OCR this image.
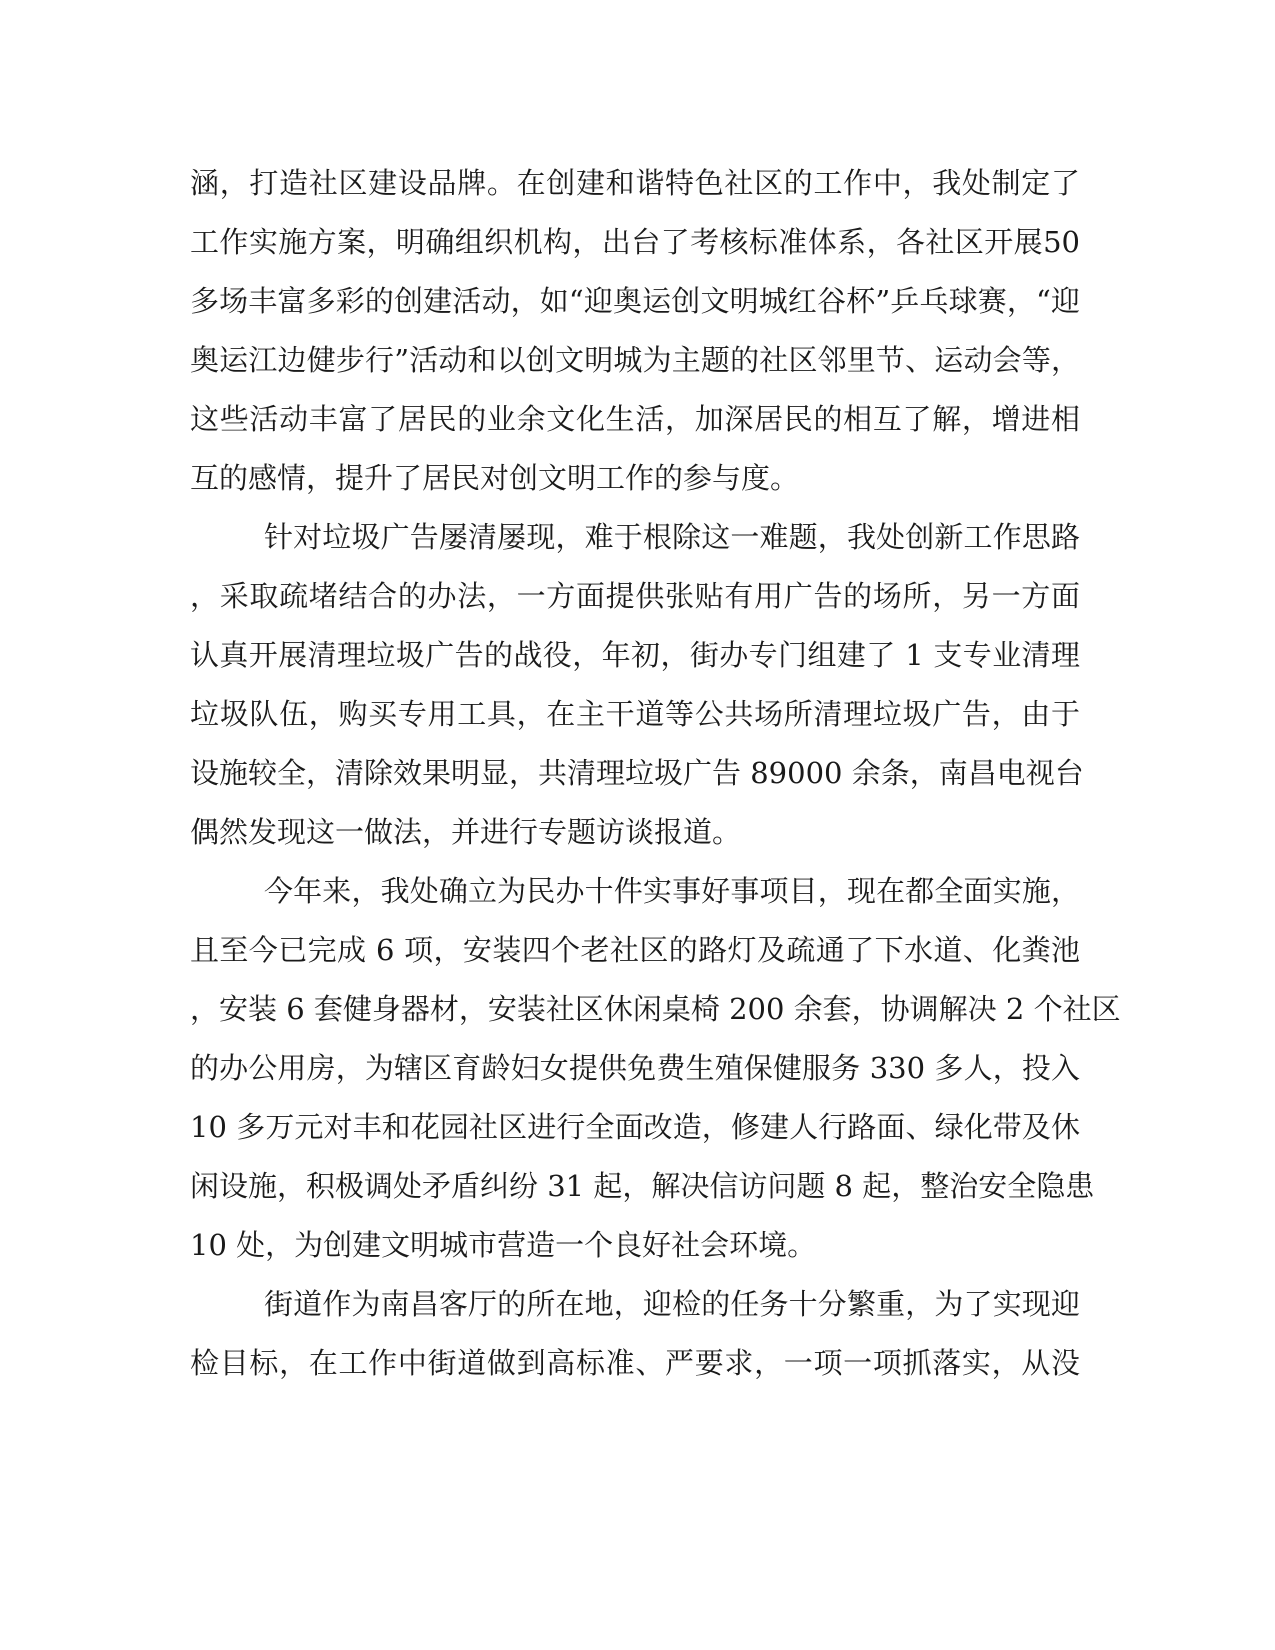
涵，打造社区建设品牌。在创建和谐特色社区的工作中，我处制定了
工作实施方案，明确组织机构，出台了考核标准体系，各社区开展50
多场丰富多彩的创建活动，如“迎奥运创文明城红谷杯”乒乓球赛，“迎
奥运江边健步行”活动和以创文明城为主题的社区邻里节、运动会等，
这些活动丰富了居民的业余文化生活，加深居民的相互了解，增进相
互的感情，提升了居民对创文明工作的参与度。
针对垃圾广告屡清屡现，难于根除这一难题，我处创新工作思路
，采取疏堵结合的办法，一方面提供张贴有用广告的场所，另一方面
认真开展清理垃圾广告的战役，年初，街办专门组建了 1 支专业清理
垃圾队伍，购买专用工具，在主干道等公共场所清理垃圾广告，由于
设施较全，清除效果明显，共清理垃圾广告 89000 余条，南昌电视台
偶然发现这一做法，并进行专题访谈报道。
今年来，我处确立为民办十件实事好事项目，现在都全面实施，
且至今已完成 6 项，安装四个老社区的路灯及疏通了下水道、化粪池
，安装 6 套健身器材，安装社区休闲桌椅 200 余套，协调解决 2 个社区
的办公用房，为辖区育龄妇女提供免费生殖保健服务 330 多人，投入
10 多万元对丰和花园社区进行全面改造，修建人行路面、绿化带及休
闲设施，积极调处矛盾纠纷 31 起，解决信访问题 8 起，整治安全隐患
10 处，为创建文明城市营造一个良好社会环境。
街道作为南昌客厅的所在地，迎检的任务十分繁重，为了实现迎
检目标，在工作中街道做到高标准、严要求，一项一项抓落实，从没
